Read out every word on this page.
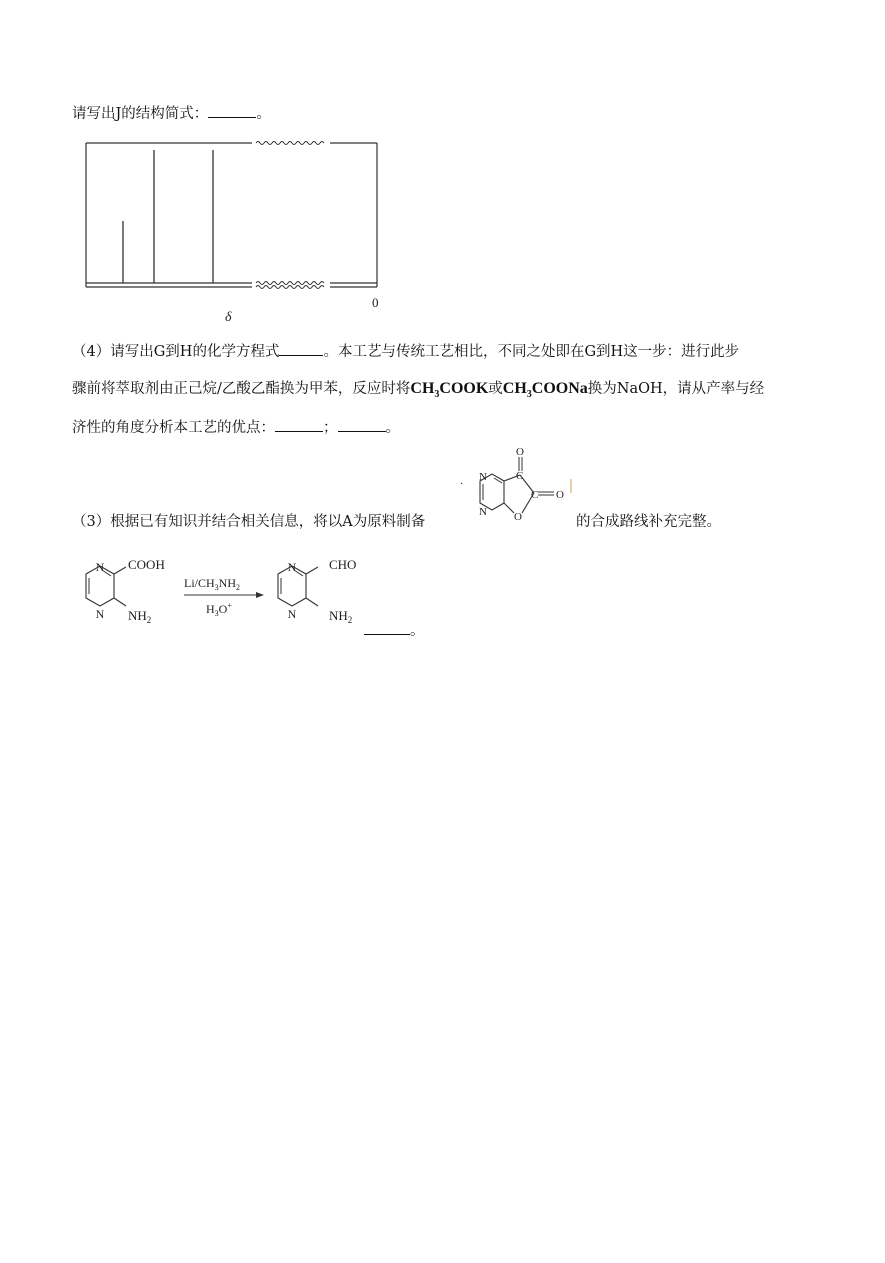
请写出J的结构简式：	。
0
δ
（4）请写出G到H的化学方程式	。本工艺与传统工艺相比，不同之处即在G到H这一步：进行此步
骤前将萃取剂由正己烷/乙酸乙酯换为甲苯，反应时将$CH_3COOK$或$CH_3COONa$换为NaOH，请从产率与经
济性的角度分析本工艺的优点：	；	。
（3）根据已有知识并结合相关信息，将以A为原料制备	的合成路线补充完整。
·
N
N
C
C
O
O
O
N
N
COOH
$NH_2$
$Li/CH_3NH_2$
$H_3O^+$
N
N
CHO
$NH_2$
。
